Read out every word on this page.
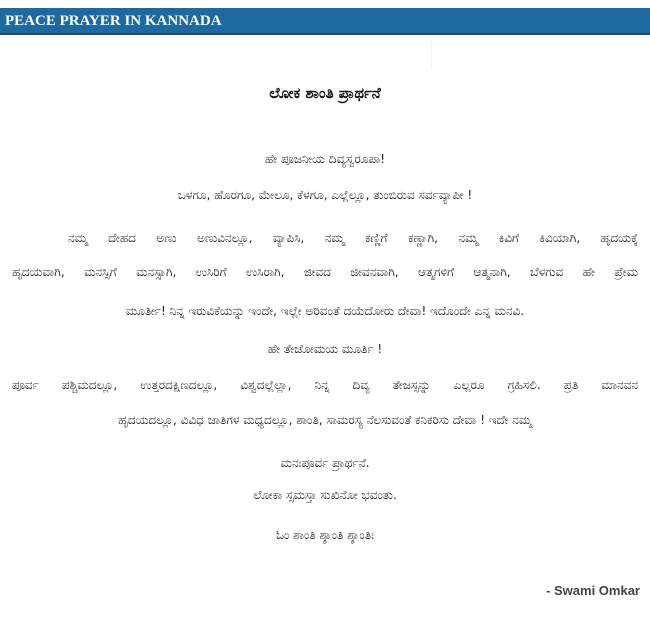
PEACE PRAYER IN KANNADA
ಲೋಕ ಶಾಂತಿ ಪ್ರಾರ್ಥನೆ
ಹೇ ಪೂಜನೀಯ ದಿವ್ಯಸ್ವರೂಪಾ!
ಒಳಗೂ, ಹೊರಗೂ, ಮೇಲೂ, ಕೆಳಗೂ, ಎಲ್ಲೆಲ್ಲೂ, ತುಂಬಿರುವ ಸರ್ವವ್ಯಾಪೀ !
ನಮ್ಮ ದೇಹದ ಅಣು ಅಣುವಿನಲ್ಲೂ, ವ್ಯಾಪಿಸಿ, ನಮ್ಮ ಕಣ್ಣಿಗೆ ಕಣ್ಣಾಗಿ, ನಮ್ಮ ಕಿವಿಗೆ ಕಿವಿಯಾಗಿ, ಹೃದಯಕ್ಕೆ
ಹೃದಯವಾಗಿ, ಮನಸ್ಸಿಗೆ ಮನಸ್ಸಾಗಿ, ಉಸಿರಿಗೆ ಉಸಿರಾಗಿ, ಜೀವದ ಜೀವನವಾಗಿ, ಆತ್ಮಗಳಿಗೆ ಆತ್ಮನಾಗಿ, ಬೆಳಗುವ ಹೇ ಪ್ರೇಮ
ಮೂರ್ತೀ! ನಿನ್ನ ಇರುವಿಕೆಯನ್ನು ಇಂದೇ, ಇಲ್ಲೇ ಅರಿವಂತೆ ದಯೆದೋರು ದೇವಾ! ಇದೊಂದೇ ಎನ್ನ ಮನವಿ.
ಹೇ ತೇಜೋಮಯ ಮೂರ್ತಿ !
ಪೂರ್ವ ಪಶ್ಚಿಮದಲ್ಲೂ, ಉತ್ತರದಕ್ಷಿಣದಲ್ಲೂ, ವಿಶ್ವದಲ್ಲೆಲ್ಲಾ, ನಿನ್ನ ದಿವ್ಯ ತೇಜಸ್ಸನ್ನು ಎಲ್ಲರೂ ಗ್ರಹಿಸಲಿ. ಪ್ರತಿ ಮಾನವನ
ಹೃದಯದಲ್ಲೂ, ವಿವಿಧ ಜಾತಿಗಳ ಮಧ್ಯದಲ್ಲೂ, ಶಾಂತಿ, ಸಾಮರಸ್ಯ ನೆಲಸುವಂತೆ ಕನಿಕರಿಸು ದೇವಾ ! ಇದೇ ನಮ್ಮ
ಮನಃಪೂರ್ವ ಪ್ರಾರ್ಥನೆ.
ಲೋಕಾ ಸ್ಸಮಸ್ತಾ ಸುಖಿನೋ ಭವಂತು.
ಓಂ ಶಾಂತಿ ಶ್ಶಾಂತಿ ಶ್ಶಾಂತಿಃ
- Swami Omkar
